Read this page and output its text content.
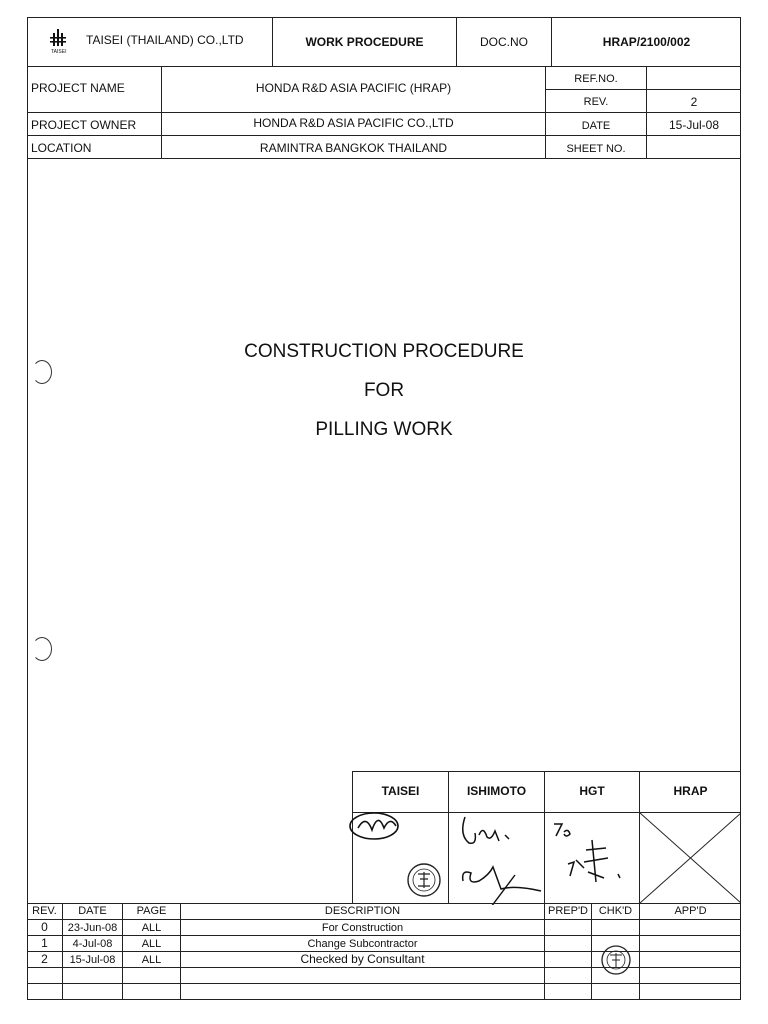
TAISEI
TAISEI (THAILAND) CO.,LTD	WORK PROCEDURE	DOC.NO	HRAP/2100/002
PROJECT NAME	HONDA R&D ASIA PACIFIC (HRAP)
REF.NO.
REV.	2
PROJECT OWNER	HONDA R&D ASIA PACIFIC CO.,LTD	DATE	15-Jul-08
LOCATION	RAMINTRA BANGKOK THAILAND	SHEET NO.
CONSTRUCTION PROCEDURE
FOR
PILLING WORK
TAISEI	ISHIMOTO	HGT	HRAP
REV.	DATE	PAGE	DESCRIPTION	PREP'D CHK'D	APP'D
0	23-Jun-08	ALL	For Construction
1	4-Jul-08	ALL	Change Subcontractor
2	15-Jul-08	ALL	Checked by Consultant
